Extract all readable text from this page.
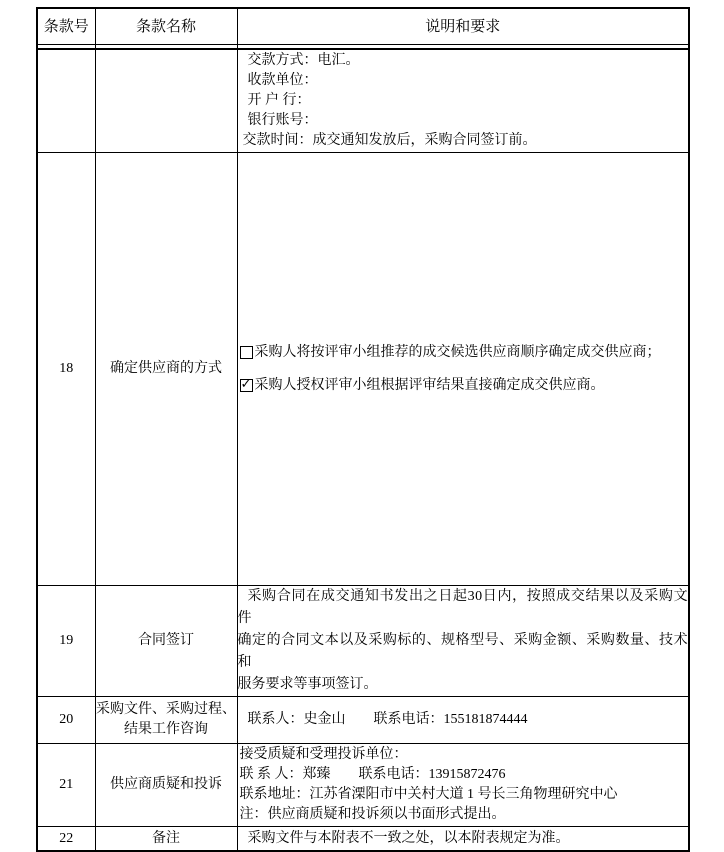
条款号	条款名称	说明和要求

		交款方式：电汇。
收款单位：
开 户 行：
银行账号：
交款时间：成交通知发放后，采购合同签订前。

18	确定供应商的方式	采购人将按评审小组推荐的成交候选供应商顺序确定成交供应商；
✓
采购人授权评审小组根据评审结果直接确定成交供应商。

19	合同签订	采购合同在成交通知书发出之日起30日内，按照成交结果以及采购文件
确定的合同文本以及采购标的、规格型号、采购金额、采购数量、技术和
服务要求等事项签订。

20	采购文件、采购过程、
结果工作咨询	联系人：史金山　　联系电话：155181874444

21	供应商质疑和投诉	接受质疑和受理投诉单位：
联 系 人：郑臻　　联系电话：13915872476
联系地址：江苏省溧阳市中关村大道 1 号长三角物理研究中心
注：供应商质疑和投诉须以书面形式提出。

22	备注	采购文件与本附表不一致之处，以本附表规定为准。
